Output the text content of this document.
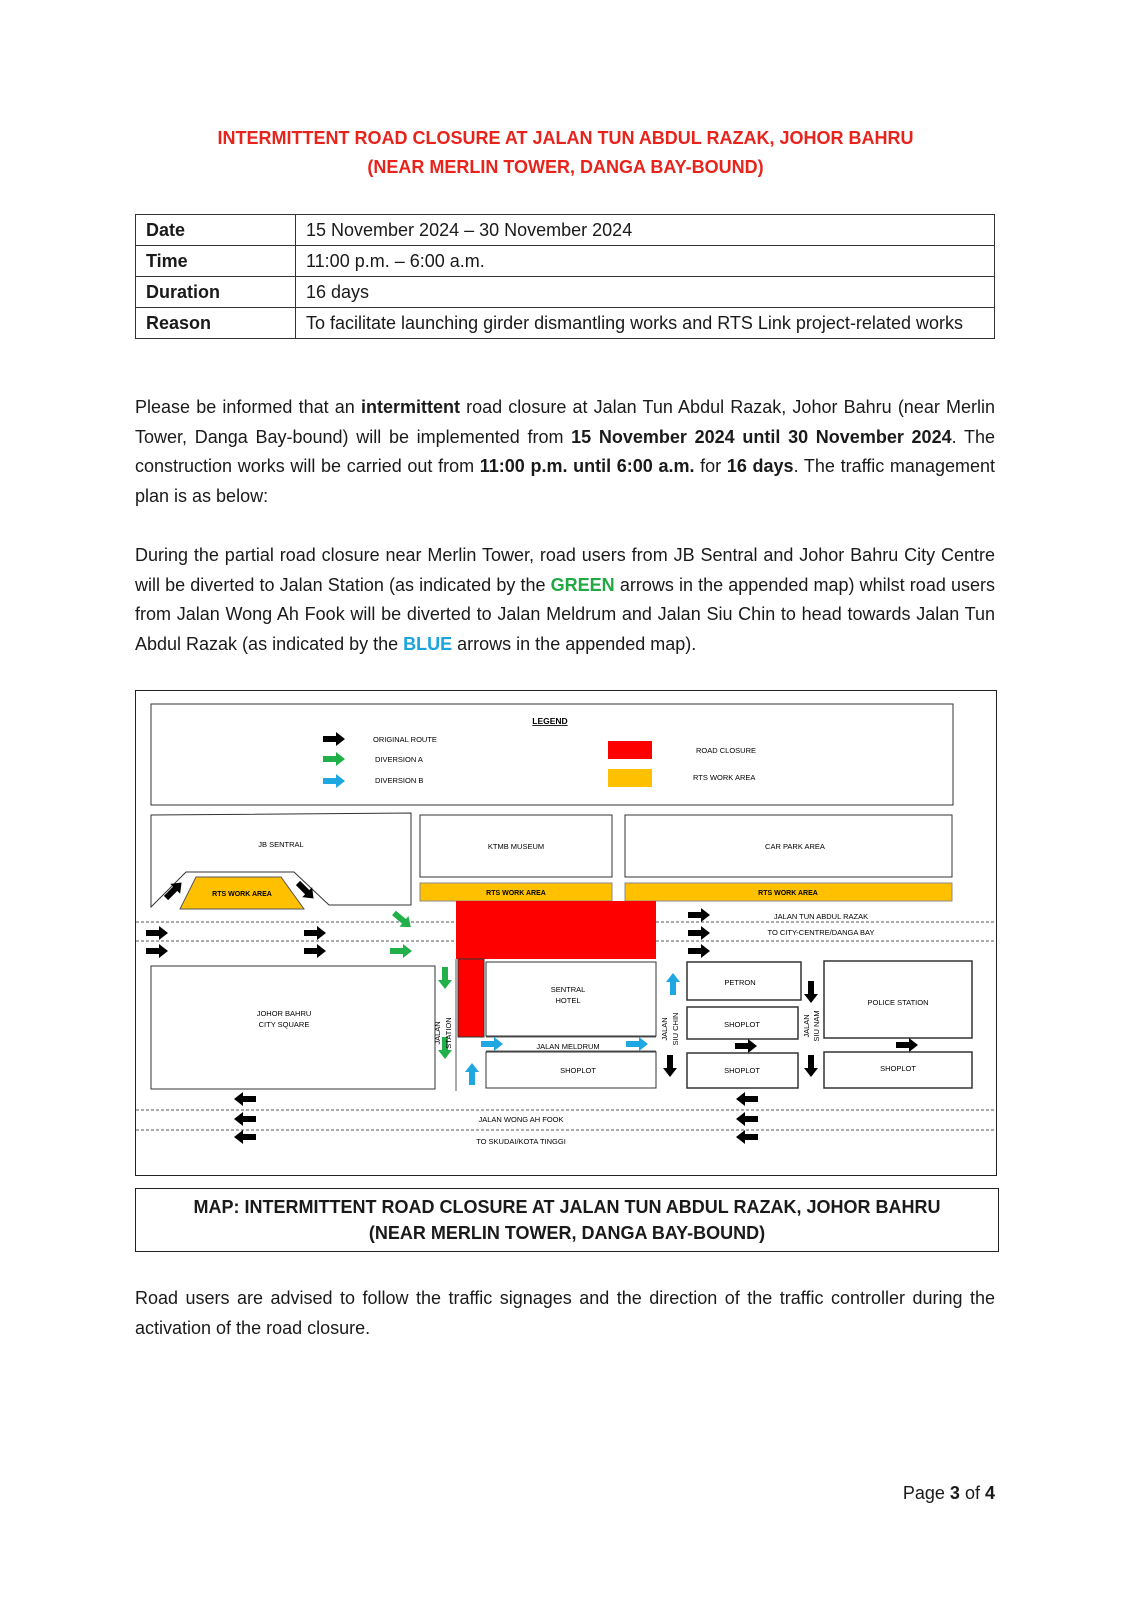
INTERMITTENT ROAD CLOSURE AT JALAN TUN ABDUL RAZAK, JOHOR BAHRU
(NEAR MERLIN TOWER, DANGA BAY-BOUND)
Date	15 November 2024 – 30 November 2024
Time	11:00 p.m. – 6:00 a.m.
Duration	16 days
Reason	To facilitate launching girder dismantling works and RTS Link project-related works
Please be informed that an intermittent road closure at Jalan Tun Abdul Razak, Johor Bahru (near Merlin Tower, Danga Bay-bound) will be implemented from 15 November 2024 until 30 November 2024. The construction works will be carried out from 11:00 p.m. until 6:00 a.m. for 16 days. The traffic management plan is as below:
During the partial road closure near Merlin Tower, road users from JB Sentral and Johor Bahru City Centre will be diverted to Jalan Station (as indicated by the GREEN arrows in the appended map) whilst road users from Jalan Wong Ah Fook will be diverted to Jalan Meldrum and Jalan Siu Chin to head towards Jalan Tun Abdul Razak (as indicated by the BLUE arrows in the appended map).
LEGEND
ORIGINAL ROUTE
DIVERSION A
DIVERSION B
ROAD CLOSURE
RTS WORK AREA
JB SENTRAL
RTS WORK AREA
KTMB MUSEUM	CAR PARK AREA
RTS WORK AREA	RTS WORK AREA
JALAN TUN ABDUL RAZAK
TO CITY-CENTRE/DANGA BAY
JOHOR BAHRU
CITY SQUARE	JALAN STATION
SENTRAL
HOTEL
JALAN MELDRUM
SHOPLOT
JALAN SIU CHIN
PETRON
SHOPLOT
SHOPLOT
JALAN SIU NAM
POLICE STATION
SHOPLOT
JALAN WONG AH FOOK
TO SKUDAI/KOTA TINGGI
MAP: INTERMITTENT ROAD CLOSURE AT JALAN TUN ABDUL RAZAK, JOHOR BAHRU
(NEAR MERLIN TOWER, DANGA BAY-BOUND)
Road users are advised to follow the traffic signages and the direction of the traffic controller during the activation of the road closure.
Page 3 of 4
